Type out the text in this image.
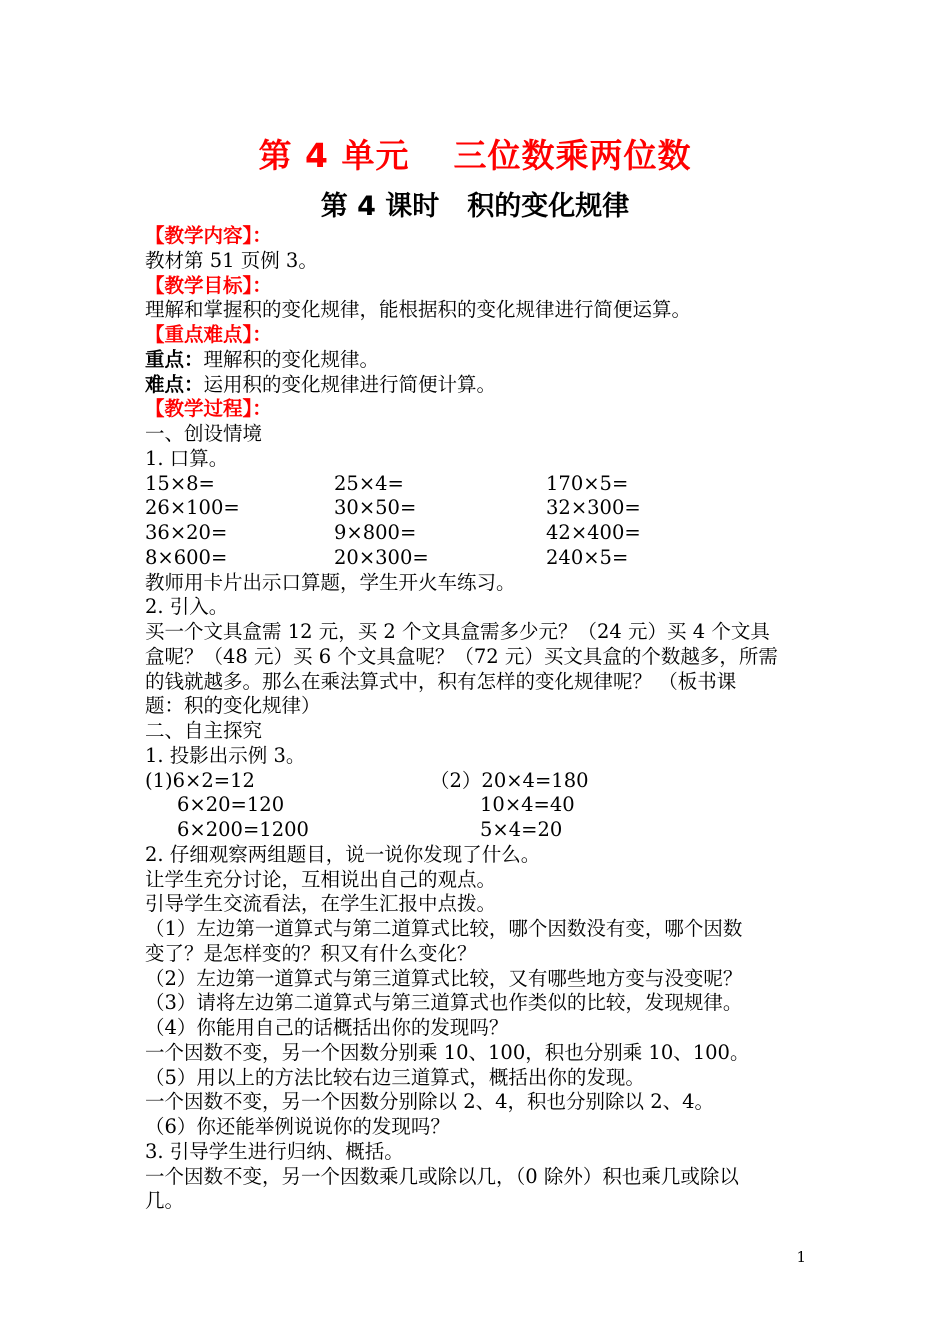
第 4 单元 三位数乘两位数
第 4 课时 积的变化规律

【教学内容】：

教材第 51 页例 3。

【教学目标】：

理解和掌握积的变化规律，能根据积的变化规律进行简便运算。

【重点难点】：

重点：理解积的变化规律。

难点：运用积的变化规律进行简便计算。

【教学过程】：

一、创设情境

1. 口算。

15×8=	25×4=	170×5=
26×100=	30×50=	32×300=
36×20=	9×800=	42×400=
8×600=	20×300=	240×5=

教师用卡片出示口算题，学生开火车练习。

2. 引入。

买一个文具盒需 12 元，买 2 个文具盒需多少元？（24 元）买 4 个文具

盒呢？（48 元）买 6 个文具盒呢？（72 元）买文具盒的个数越多，所需

的钱就越多。那么在乘法算式中，积有怎样的变化规律呢？ （板书课

题：积的变化规律）

二、自主探究

1. 投影出示例 3。

(1)6×2=12	（2）20×4=180
6×20=120	10×4=40
6×200=1200	5×4=20

2. 仔细观察两组题目，说一说你发现了什么。

让学生充分讨论，互相说出自己的观点。

引导学生交流看法，在学生汇报中点拨。

（1）左边第一道算式与第二道算式比较，哪个因数没有变，哪个因数

变了？是怎样变的？积又有什么变化？

（2）左边第一道算式与第三道算式比较，又有哪些地方变与没变呢？

（3）请将左边第二道算式与第三道算式也作类似的比较，发现规律。

（4）你能用自己的话概括出你的发现吗？

一个因数不变，另一个因数分别乘 10、100，积也分别乘 10、100。

（5）用以上的方法比较右边三道算式，概括出你的发现。

一个因数不变，另一个因数分别除以 2、4，积也分别除以 2、4。

（6）你还能举例说说你的发现吗？

3. 引导学生进行归纳、概括。

一个因数不变，另一个因数乘几或除以几，（0 除外）积也乘几或除以

几。

1
